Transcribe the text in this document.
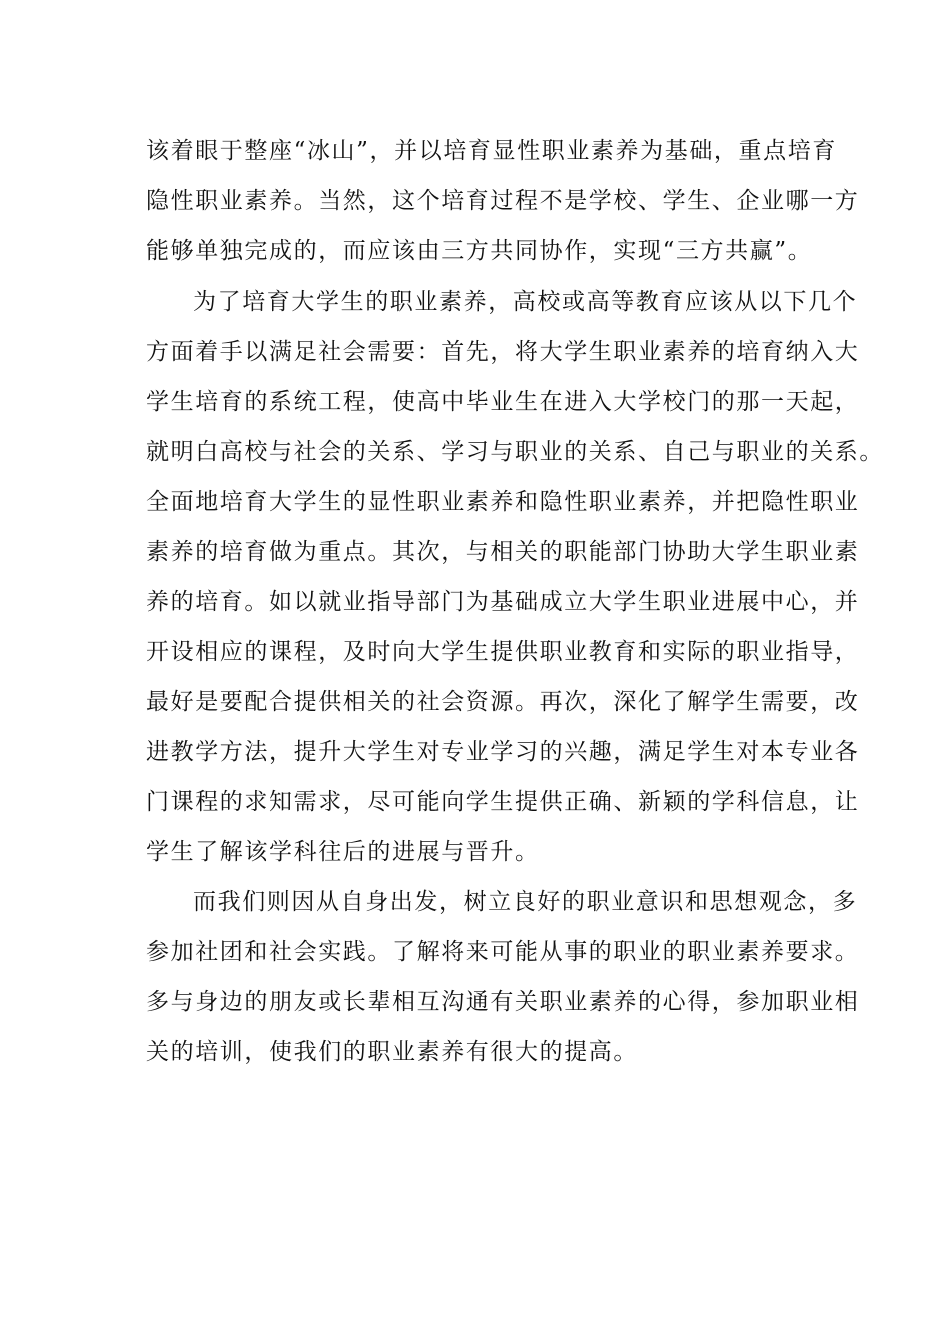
该着眼于整座“冰山”，并以培育显性职业素养为基础，重点培育
隐性职业素养。当然，这个培育过程不是学校、学生、企业哪一方
能够单独完成的，而应该由三方共同协作，实现“三方共赢”。
为了培育大学生的职业素养，高校或高等教育应该从以下几个
方面着手以满足社会需要：首先，将大学生职业素养的培育纳入大
学生培育的系统工程，使高中毕业生在进入大学校门的那一天起，
就明白高校与社会的关系、学习与职业的关系、自己与职业的关系。
全面地培育大学生的显性职业素养和隐性职业素养，并把隐性职业
素养的培育做为重点。其次，与相关的职能部门协助大学生职业素
养的培育。如以就业指导部门为基础成立大学生职业进展中心，并
开设相应的课程，及时向大学生提供职业教育和实际的职业指导，
最好是要配合提供相关的社会资源。再次，深化了解学生需要，改
进教学方法，提升大学生对专业学习的兴趣，满足学生对本专业各
门课程的求知需求，尽可能向学生提供正确、新颖的学科信息，让
学生了解该学科往后的进展与晋升。
而我们则因从自身出发，树立良好的职业意识和思想观念，多
参加社团和社会实践。了解将来可能从事的职业的职业素养要求。
多与身边的朋友或长辈相互沟通有关职业素养的心得，参加职业相
关的培训，使我们的职业素养有很大的提高。
